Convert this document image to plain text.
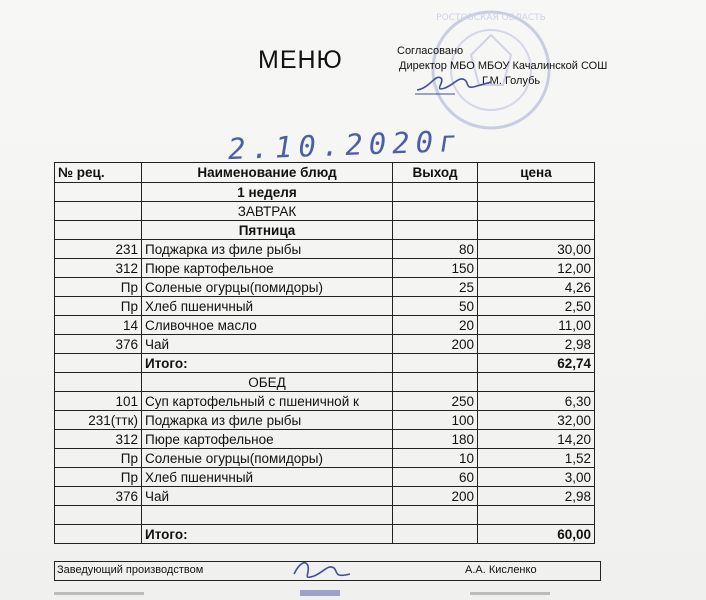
РОСТОВСКАЯ ОБЛАСТЬ
МЕНЮ	Согласовано
Директор МБО МБОУ Качалинской СОШ
Г.М. Голубь
2.10.2020г
№ рец.	Наименование блюд	Выход	цена
	1 неделя		
	ЗАВТРАК		
	Пятница		
231	Поджарка из филе рыбы	80	30,00
312	Пюре картофельное	150	12,00
Пр	Соленые огурцы(помидоры)	25	4,26
Пр	Хлеб пшеничный	50	2,50
14	Сливочное масло	20	11,00
376	Чай	200	2,98
	Итого:		62,74
	ОБЕД		
101	Суп картофельный с пшеничной к	250	6,30
231(ттк)	Поджарка из филе рыбы	100	32,00
312	Пюре картофельное	180	14,20
Пр	Соленые огурцы(помидоры)	10	1,52
Пр	Хлеб пшеничный	60	3,00
376	Чай	200	2,98

	Итого:		60,00
Заведующий производством	А.А. Кисленко
